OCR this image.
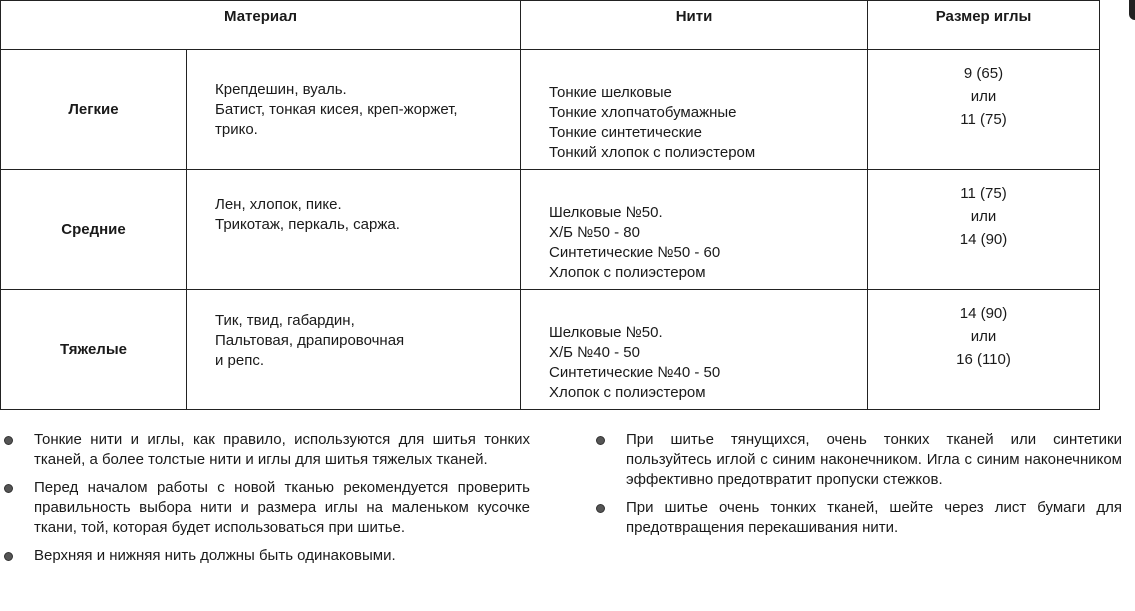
Материал		Нити	Размер иглы
Легкие	Крепдешин, вуаль.
Батист, тонкая кисея, креп-жоржет,
трико.	Тонкие шелковые
Тонкие хлопчатобумажные
Тонкие синтетические
Тонкий хлопок с полиэстером	9 (65)
или
11 (75)

Средние	Лен, хлопок, пике.
Трикотаж, перкаль, саржа.	Шелковые №50.
Х/Б №50 - 80
Синтетические №50 - 60
Хлопок с полиэстером	11 (75)
или
14 (90)

Тяжелые	Тик, твид, габардин,
Пальтовая, драпировочная
и репс.	Шелковые №50.
Х/Б №40 - 50
Синтетические №40 - 50
Хлопок с полиэстером	14 (90)
или
16 (110)
Тонкие нити и иглы, как правило, используются для шитья тонких тканей, а более толстые нити и иглы для шитья тяжелых тканей.
Перед началом работы с новой тканью рекомендуется проверить правильность выбора нити и размера иглы на маленьком кусочке ткани, той, которая будет использоваться при шитье.
Верхняя и нижняя нить должны быть одинаковыми.
При шитье тянущихся, очень тонких тканей или синтетики пользуйтесь иглой с синим наконечником. Игла с синим наконечником эффективно предотвратит пропуски стежков.
При шитье очень тонких тканей, шейте через лист бумаги для предотвращения перекашивания нити.
